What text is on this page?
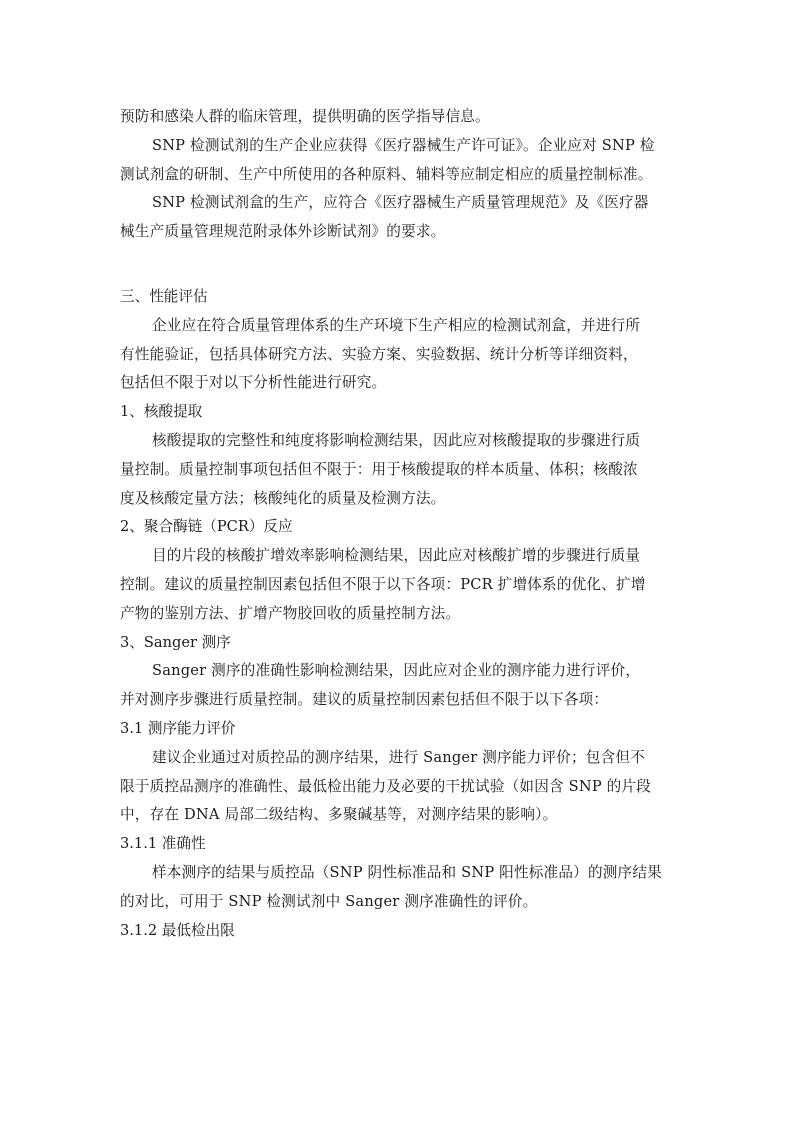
预防和感染人群的临床管理，提供明确的医学指导信息。

SNP 检测试剂的生产企业应获得《医疗器械生产许可证》。企业应对 SNP 检
测试剂盒的研制、生产中所使用的各种原料、辅料等应制定相应的质量控制标准。
SNP 检测试剂盒的生产，应符合《医疗器械生产质量管理规范》及《医疗器
械生产质量管理规范附录体外诊断试剂》的要求。
三、性能评估
企业应在符合质量管理体系的生产环境下生产相应的检测试剂盒，并进行所
有性能验证，包括具体研究方法、实验方案、实验数据、统计分析等详细资料，
包括但不限于对以下分析性能进行研究。
1、核酸提取
核酸提取的完整性和纯度将影响检测结果，因此应对核酸提取的步骤进行质
量控制。质量控制事项包括但不限于：用于核酸提取的样本质量、体积；核酸浓
度及核酸定量方法；核酸纯化的质量及检测方法。
2、聚合酶链（PCR）反应
目的片段的核酸扩增效率影响检测结果，因此应对核酸扩增的步骤进行质量
控制。建议的质量控制因素包括但不限于以下各项：PCR 扩增体系的优化、扩增
产物的鉴别方法、扩增产物胶回收的质量控制方法。
3、Sanger 测序
Sanger 测序的准确性影响检测结果，因此应对企业的测序能力进行评价，
并对测序步骤进行质量控制。建议的质量控制因素包括但不限于以下各项：
3.1 测序能力评价
建议企业通过对质控品的测序结果，进行 Sanger 测序能力评价；包含但不
限于质控品测序的准确性、最低检出能力及必要的干扰试验（如因含 SNP 的片段
中，存在 DNA 局部二级结构、多聚碱基等，对测序结果的影响）。
3.1.1 准确性
样本测序的结果与质控品（SNP 阴性标准品和 SNP 阳性标准品）的测序结果
的对比，可用于 SNP 检测试剂中 Sanger 测序准确性的评价。
3.1.2 最低检出限
